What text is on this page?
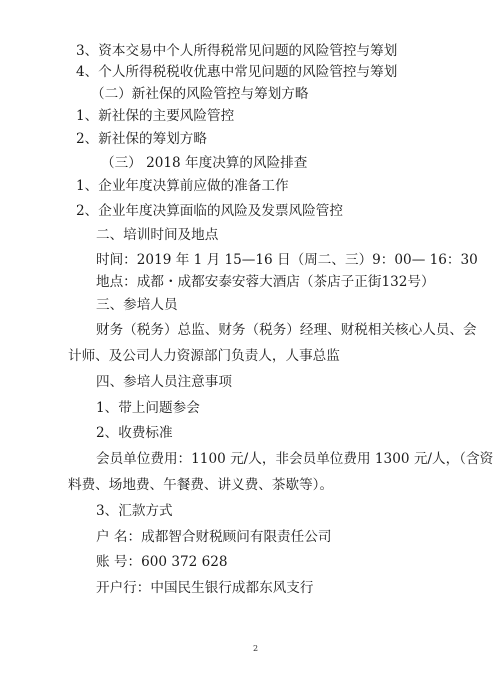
3、资本交易中个人所得税常见问题的风险管控与筹划
4、个人所得税税收优惠中常见问题的风险管控与筹划
（二）新社保的风险管控与筹划方略
1、新社保的主要风险管控
2、新社保的筹划方略
（三） 2018 年度决算的风险排查
1、企业年度决算前应做的准备工作
2、企业年度决算面临的风险及发票风险管控
二、培训时间及地点
时间：2019 年 1 月 15—16 日（周二、三）9：00— 16：30
地点：成都・成都安泰安蓉大酒店（茶店子正街132号）
三、参培人员
财务（税务）总监、财务（税务）经理、财税相关核心人员、会
计师、及公司人力资源部门负责人，人事总监
四、参培人员注意事项
1、带上问题参会
2、收费标准
会员单位费用：1100 元/人，非会员单位费用 1300 元/人，（含资
料费、场地费、午餐费、讲义费、茶歇等）。
3、汇款方式
户 名：成都智合财税顾问有限责任公司
账 号：600 372 628
开户行：中国民生银行成都东风支行
2
